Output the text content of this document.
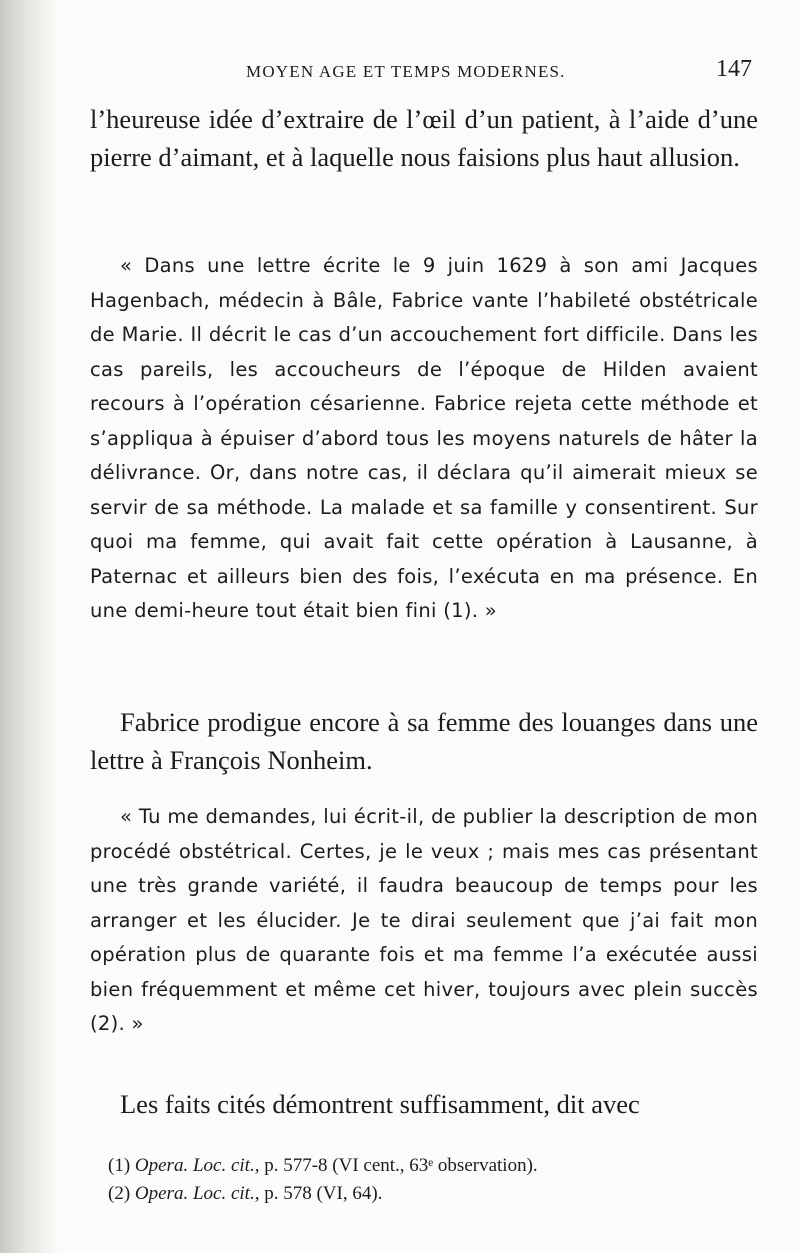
MOYEN AGE ET TEMPS MODERNES.	147

l’heureuse idée d’extraire de l’œil d’un patient, à l’aide d’une pierre d’aimant, et à laquelle nous faisions plus haut allusion.

« Dans une lettre écrite le 9 juin 1629 à son ami Jacques Hagenbach, médecin à Bâle, Fabrice vante l’habileté obstétricale de Marie. Il décrit le cas d’un accouchement fort difficile. Dans les cas pareils, les accoucheurs de l’époque de Hilden avaient recours à l’opération césarienne. Fabrice rejeta cette méthode et s’appliqua à épuiser d’abord tous les moyens naturels de hâter la délivrance. Or, dans notre cas, il déclara qu’il aimerait mieux se servir de sa méthode. La malade et sa famille y consentirent. Sur quoi ma femme, qui avait fait cette opération à Lausanne, à Paternac et ailleurs bien des fois, l’exécuta en ma présence. En une demi-heure tout était bien fini (1). »

Fabrice prodigue encore à sa femme des louanges dans une lettre à François Nonheim.

« Tu me demandes, lui écrit-il, de publier la description de mon procédé obstétrical. Certes, je le veux ; mais mes cas présentant une très grande variété, il faudra beaucoup de temps pour les arranger et les élucider. Je te dirai seulement que j’ai fait mon opération plus de quarante fois et ma femme l’a exécutée aussi bien fréquemment et même cet hiver, toujours avec plein succès (2). »

Les faits cités démontrent suffisamment, dit avec

(1) Opera. Loc. cit., p. 577-8 (VI cent., 63ᵉ observation).
(2) Opera. Loc. cit., p. 578 (VI, 64).
